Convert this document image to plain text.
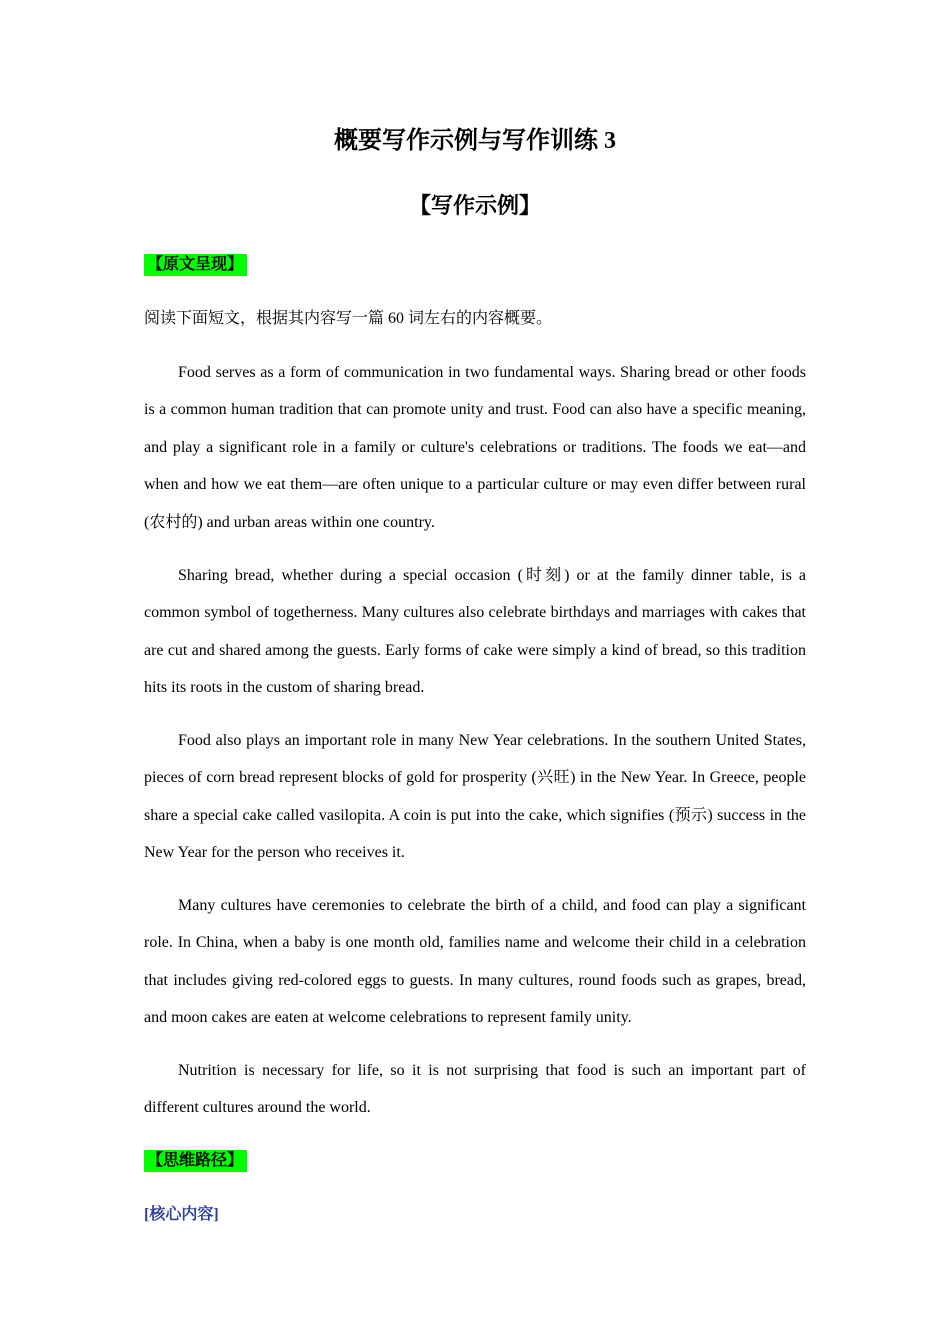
概要写作示例与写作训练 3
【写作示例】
【原文呈现】

阅读下面短文，根据其内容写一篇 60 词左右的内容概要。

Food serves as a form of communication in two fundamental ways. Sharing bread or other foods is a common human tradition that can promote unity and trust. Food can also have a specific meaning, and play a significant role in a family or culture's celebrations or traditions. The foods we eat—and when and how we eat them—are often unique to a particular culture or may even differ between rural (农村的) and urban areas within one country.

Sharing bread, whether during a special occasion (时刻) or at the family dinner table, is a common symbol of togetherness. Many cultures also celebrate birthdays and marriages with cakes that are cut and shared among the guests. Early forms of cake were simply a kind of bread, so this tradition hits its roots in the custom of sharing bread.

Food also plays an important role in many New Year celebrations. In the southern United States, pieces of corn bread represent blocks of gold for prosperity (兴旺) in the New Year. In Greece, people share a special cake called vasilopita. A coin is put into the cake, which signifies (预示) success in the New Year for the person who receives it.

Many cultures have ceremonies to celebrate the birth of a child, and food can play a significant role. In China, when a baby is one month old, families name and welcome their child in a celebration that includes giving red-colored eggs to guests. In many cultures, round foods such as grapes, bread, and moon cakes are eaten at welcome celebrations to represent family unity.

Nutrition is necessary for life, so it is not surprising that food is such an important part of different cultures around the world.

【思维路径】

[核心内容]
